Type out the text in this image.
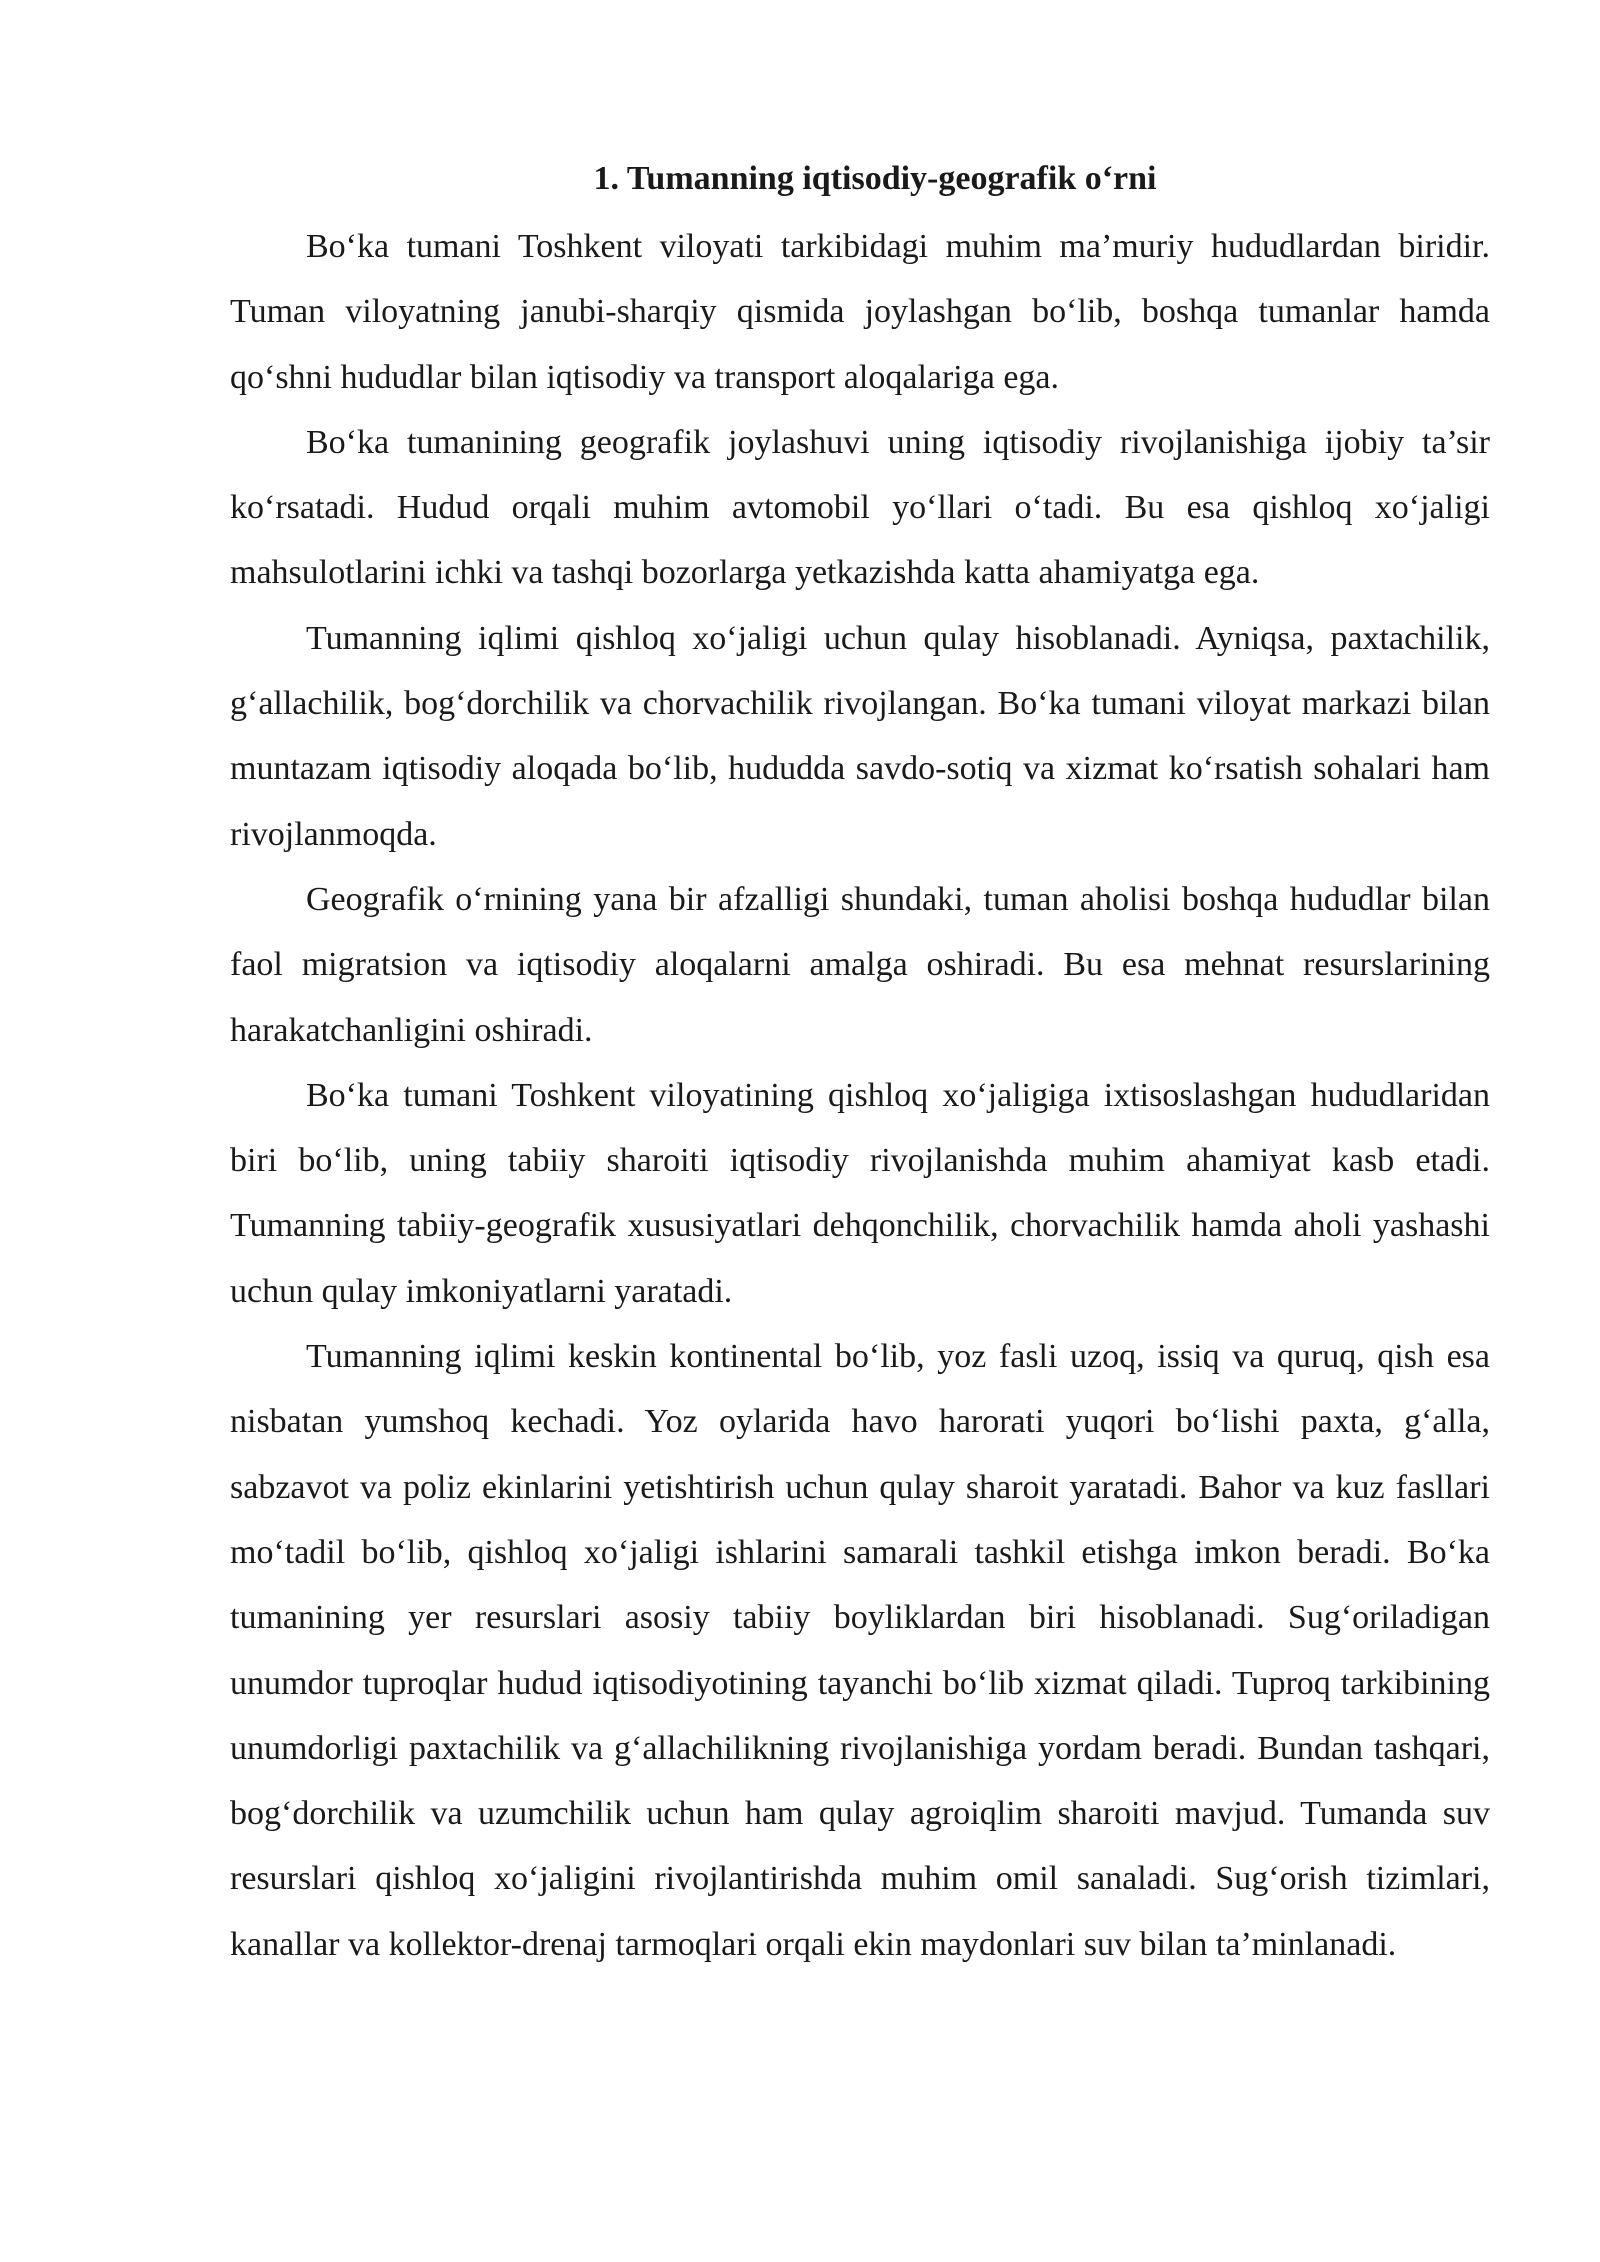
1. Tumanning iqtisodiy-geografik o‘rni

Bo‘ka tumani Toshkent viloyati tarkibidagi muhim ma’muriy hududlardan biridir. Tuman viloyatning janubi-sharqiy qismida joylashgan bo‘lib, boshqa tumanlar hamda qo‘shni hududlar bilan iqtisodiy va transport aloqalariga ega.

Bo‘ka tumanining geografik joylashuvi uning iqtisodiy rivojlanishiga ijobiy ta’sir ko‘rsatadi. Hudud orqali muhim avtomobil yo‘llari o‘tadi. Bu esa qishloq xo‘jaligi mahsulotlarini ichki va tashqi bozorlarga yetkazishda katta ahamiyatga ega.

Tumanning iqlimi qishloq xo‘jaligi uchun qulay hisoblanadi. Ayniqsa, paxtachilik, g‘allachilik, bog‘dorchilik va chorvachilik rivojlangan. Bo‘ka tumani viloyat markazi bilan muntazam iqtisodiy aloqada bo‘lib, hududda savdo-sotiq va xizmat ko‘rsatish sohalari ham rivojlanmoqda.

Geografik o‘rnining yana bir afzalligi shundaki, tuman aholisi boshqa hududlar bilan faol migratsion va iqtisodiy aloqalarni amalga oshiradi. Bu esa mehnat resurslarining harakatchanligini oshiradi.

Bo‘ka tumani Toshkent viloyatining qishloq xo‘jaligiga ixtisoslashgan hududlaridan biri bo‘lib, uning tabiiy sharoiti iqtisodiy rivojlanishda muhim ahamiyat kasb etadi. Tumanning tabiiy-geografik xususiyatlari dehqonchilik, chorvachilik hamda aholi yashashi uchun qulay imkoniyatlarni yaratadi.

Tumanning iqlimi keskin kontinental bo‘lib, yoz fasli uzoq, issiq va quruq, qish esa nisbatan yumshoq kechadi. Yoz oylarida havo harorati yuqori bo‘lishi paxta, g‘alla, sabzavot va poliz ekinlarini yetishtirish uchun qulay sharoit yaratadi. Bahor va kuz fasllari mo‘tadil bo‘lib, qishloq xo‘jaligi ishlarini samarali tashkil etishga imkon beradi. Bo‘ka tumanining yer resurslari asosiy tabiiy boyliklardan biri hisoblanadi. Sug‘oriladigan unumdor tuproqlar hudud iqtisodiyotining tayanchi bo‘lib xizmat qiladi. Tuproq tarkibining unumdorligi paxtachilik va g‘allachilikning rivojlanishiga yordam beradi. Bundan tashqari, bog‘dorchilik va uzumchilik uchun ham qulay agroiqlim sharoiti mavjud. Tumanda suv resurslari qishloq xo‘jaligini rivojlantirishda muhim omil sanaladi. Sug‘orish tizimlari, kanallar va kollektor-drenaj tarmoqlari orqali ekin maydonlari suv bilan ta’minlanadi.
